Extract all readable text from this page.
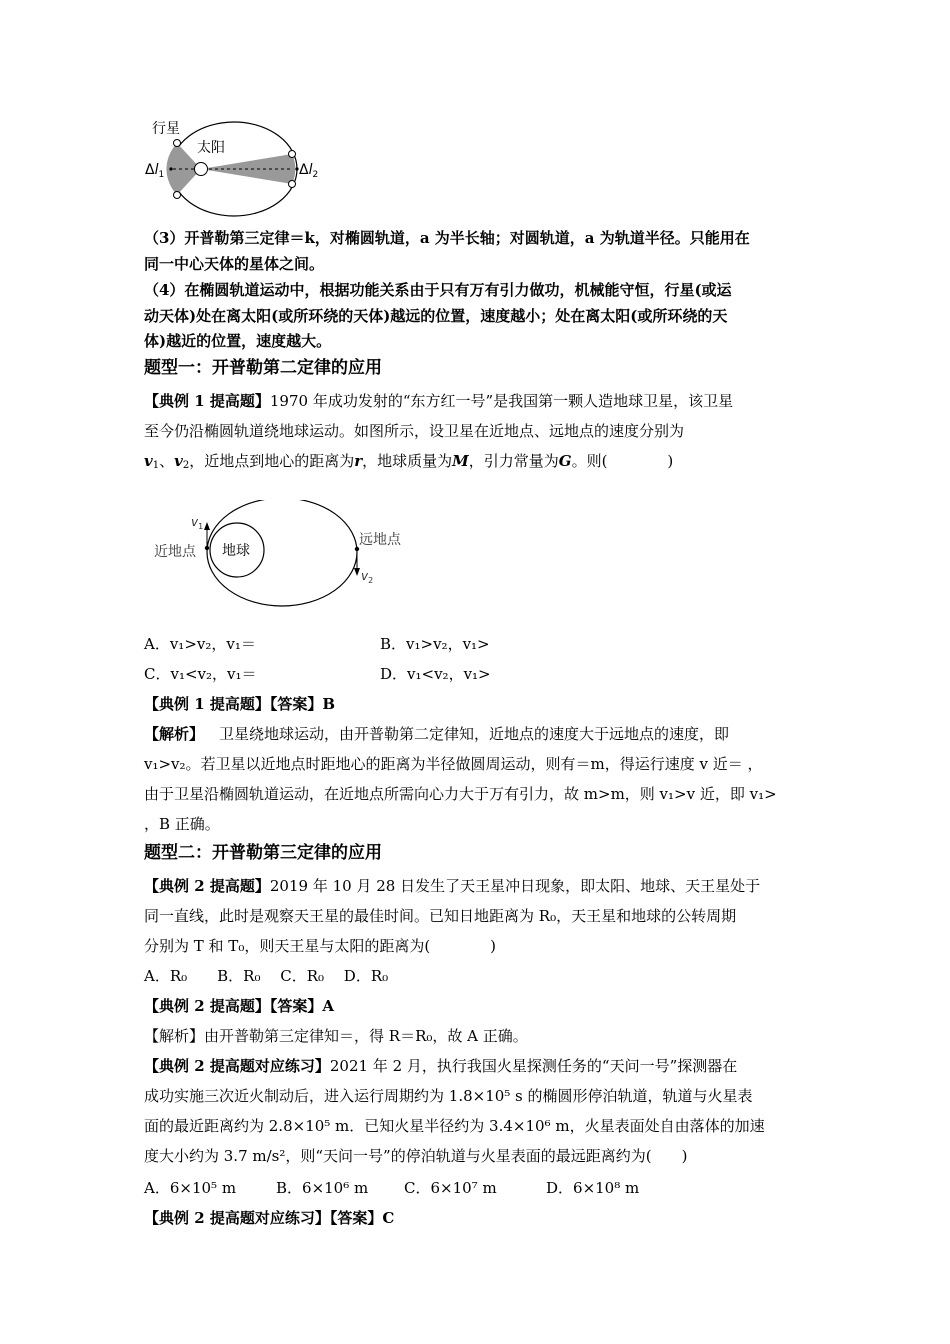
行星
太阳
$\Delta l_1$	$\Delta l_2$
（3）开普勒第三定律＝k，对椭圆轨道，a 为半长轴；对圆轨道，a 为轨道半径。只能用在
同一中心天体的星体之间。
（4）在椭圆轨道运动中，根据功能关系由于只有万有引力做功，机械能守恒，行星(或运
动天体)处在离太阳(或所环绕的天体)越远的位置，速度越小；处在离太阳(或所环绕的天
体)越近的位置，速度越大。
题型一：开普勒第二定律的应用
【典例 1 提高题】1970 年成功发射的“东方红一号”是我国第一颗人造地球卫星，该卫星
至今仍沿椭圆轨道绕地球运动。如图所示，设卫星在近地点、远地点的速度分别为
$v_1$、$v_2$，近地点到地心的距离为r，地球质量为M，引力常量为G。则(　　　　)
地球
近地点
远地点
$v_1$
$v_2$
A．v₁>v₂，v₁＝	B．v₁>v₂，v₁>
C．v₁<v₂，v₁＝	D．v₁<v₂，v₁>
【典例 1 提高题】【答案】B
【解析】  卫星绕地球运动，由开普勒第二定律知，近地点的速度大于远地点的速度，即
v₁>v₂。若卫星以近地点时距地心的距离为半径做圆周运动，则有＝m，得运行速度 v 近＝ ，
由于卫星沿椭圆轨道运动，在近地点所需向心力大于万有引力，故 m>m，则 v₁>v 近，即 v₁>
，B 正确。
题型二：开普勒第三定律的应用
【典例 2 提高题】2019 年 10 月 28 日发生了天王星冲日现象，即太阳、地球、天王星处于
同一直线，此时是观察天王星的最佳时间。已知日地距离为 R₀，天王星和地球的公转周期
分别为 T 和 T₀，则天王星与太阳的距离为(　　　　)
A．R₀　　B．R₀　 C．R₀　 D．R₀
【典例 2 提高题】【答案】A
【解析】由开普勒第三定律知＝，得 R＝R₀，故 A 正确。
【典例 2 提高题对应练习】2021 年 2 月，执行我国火星探测任务的“天问一号”探测器在
成功实施三次近火制动后，进入运行周期约为 1.8×10⁵ s 的椭圆形停泊轨道，轨道与火星表
面的最近距离约为 2.8×10⁵ m．已知火星半径约为 3.4×10⁶ m，火星表面处自由落体的加速
度大小约为 3.7 m/s²，则“天问一号”的停泊轨道与火星表面的最远距离约为(　　)
A．6×10⁵ m	B．6×10⁶ m C．6×10⁷ m	D．6×10⁸ m
【典例 2 提高题对应练习】【答案】C
